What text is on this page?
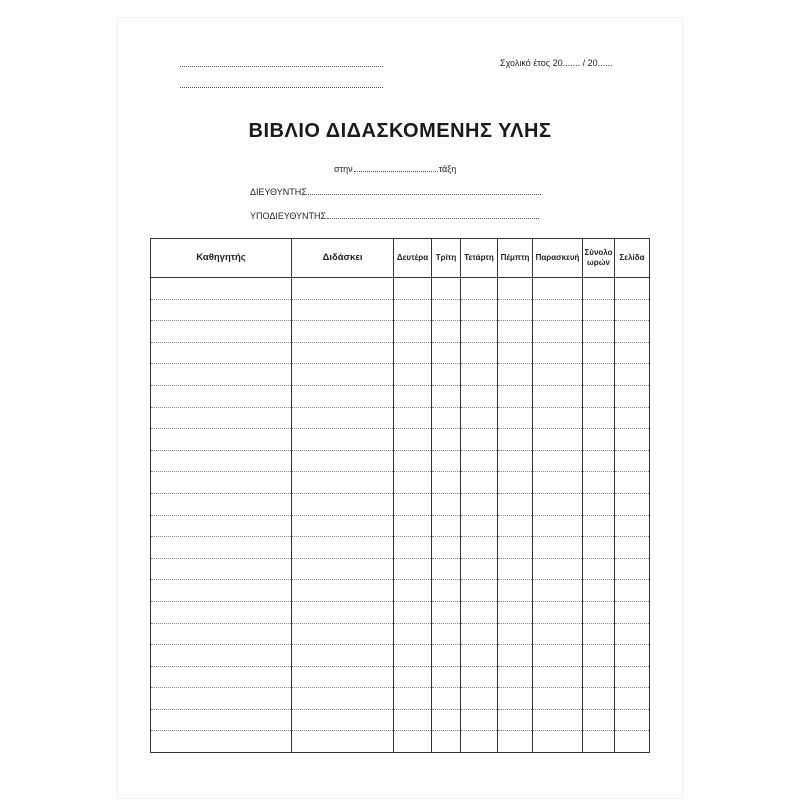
Σχολικό έτος 20....... / 20......
ΒΙΒΛΙΟ ΔΙΔΑΣΚΟΜΕΝΗΣ ΥΛΗΣ
στην	τάξη
ΔΙΕΥΘΥΝΤΗΣ
ΥΠΟΔΙΕΥΘΥΝΤΗΣ
Καθηγητής	Διδάσκει	Δευτέρα	Τρίτη	Τετάρτη	Πέμπτη	Παρασκευή	Σύνολο ωρών	Σελίδα
